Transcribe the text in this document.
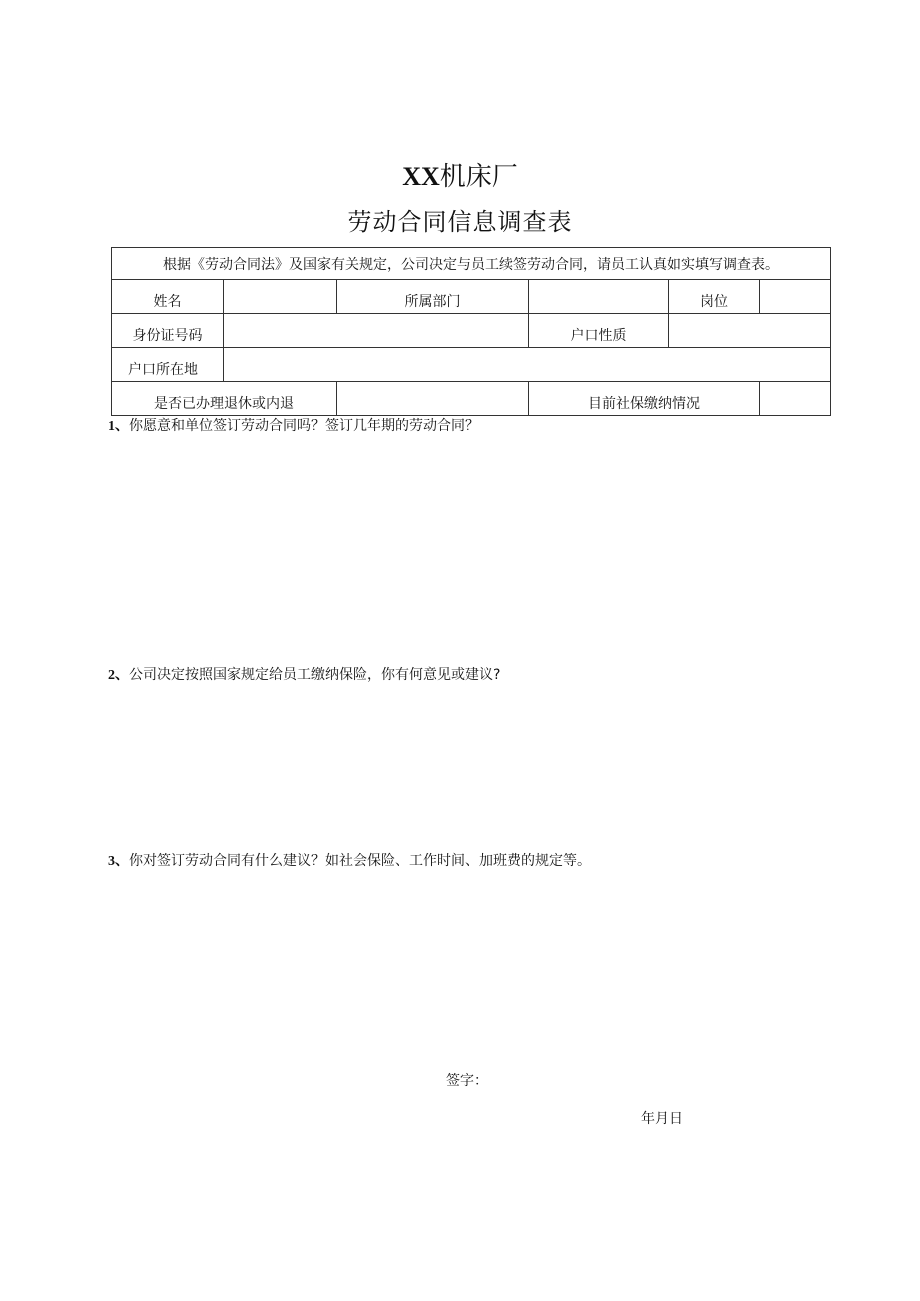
XX机床厂
劳动合同信息调查表
根据《劳动合同法》及国家有关规定，公司决定与员工续签劳动合同，请员工认真如实填写调查表。					
姓名		所属部门		岗位	
身份证号码			户口性质		
户口所在地					
是否已办理退休或内退			目前社保缴纳情况		
1、你愿意和单位签订劳动合同吗？签订几年期的劳动合同？
2、公司决定按照国家规定给员工缴纳保险，你有何意见或建议?
3、你对签订劳动合同有什么建议？如社会保险、工作时间、加班费的规定等。
签字：
年月日
